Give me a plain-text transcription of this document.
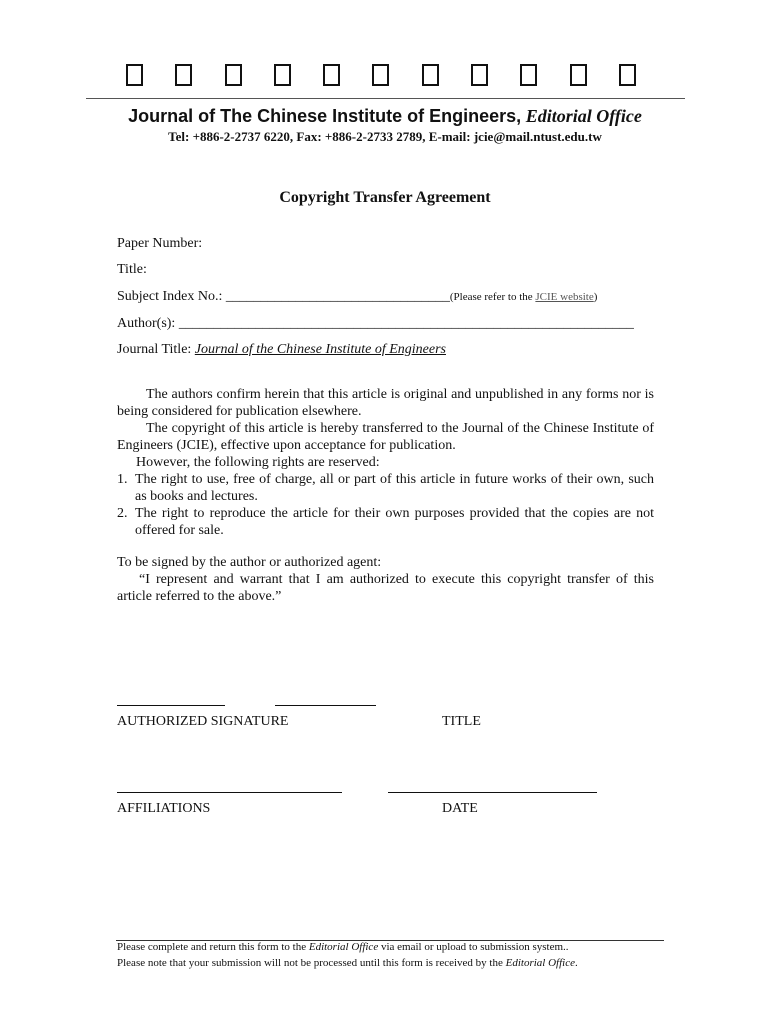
Journal of The Chinese Institute of Engineers, Editorial Office
Tel: +886-2-2737 6220, Fax: +886-2-2733 2789, E-mail: jcie@mail.ntust.edu.tw
Copyright Transfer Agreement
Paper Number:
Title:
Subject Index No.: ________________________________(Please refer to the JCIE website)
Author(s): _________________________________________________________________
Journal Title: Journal of the Chinese Institute of Engineers
The authors confirm herein that this article is original and unpublished in any forms nor is being considered for publication elsewhere.
The copyright of this article is hereby transferred to the Journal of the Chinese Institute of Engineers (JCIE), effective upon acceptance for publication.
However, the following rights are reserved:
1. The right to use, free of charge, all or part of this article in future works of their own, such as books and lectures.
2. The right to reproduce the article for their own purposes provided that the copies are not offered for sale.
To be signed by the author or authorized agent:
“I represent and warrant that I am authorized to execute this copyright transfer of this article referred to the above.”
AUTHORIZED SIGNATURE	TITLE
AFFILIATIONS	DATE
Please complete and return this form to the Editorial Office via email or upload to submission system..
Please note that your submission will not be processed until this form is received by the Editorial Office.
